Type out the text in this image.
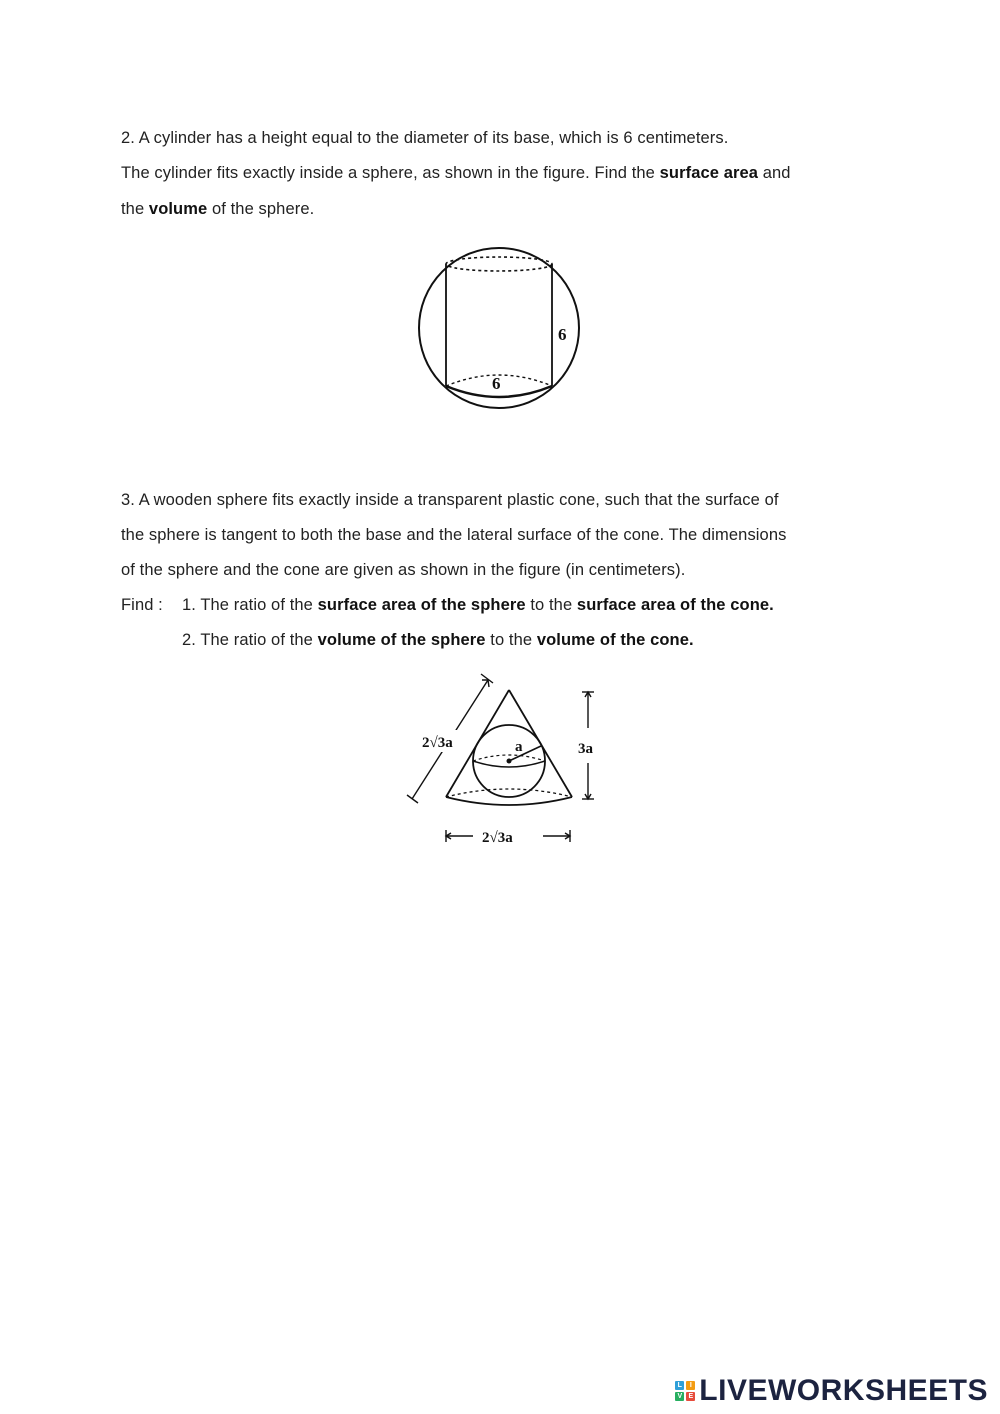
2. A cylinder has a height equal to the diameter of its base, which is 6 centimeters.
The cylinder fits exactly inside a sphere, as shown in the figure. Find the surface area and
the volume of the sphere.
6
6
3. A wooden sphere fits exactly inside a transparent plastic cone, such that the surface of
the sphere is tangent to both the base and the lateral surface of the cone. The dimensions
of the sphere and the cone are given as shown in the figure (in centimeters).
Find : 1. The ratio of the surface area of the sphere to the surface area of the cone.
2. The ratio of the volume of the sphere to the volume of the cone.
a
2√3a	3a
2√3a
L	I
V E LIVEWORKSHEETS
